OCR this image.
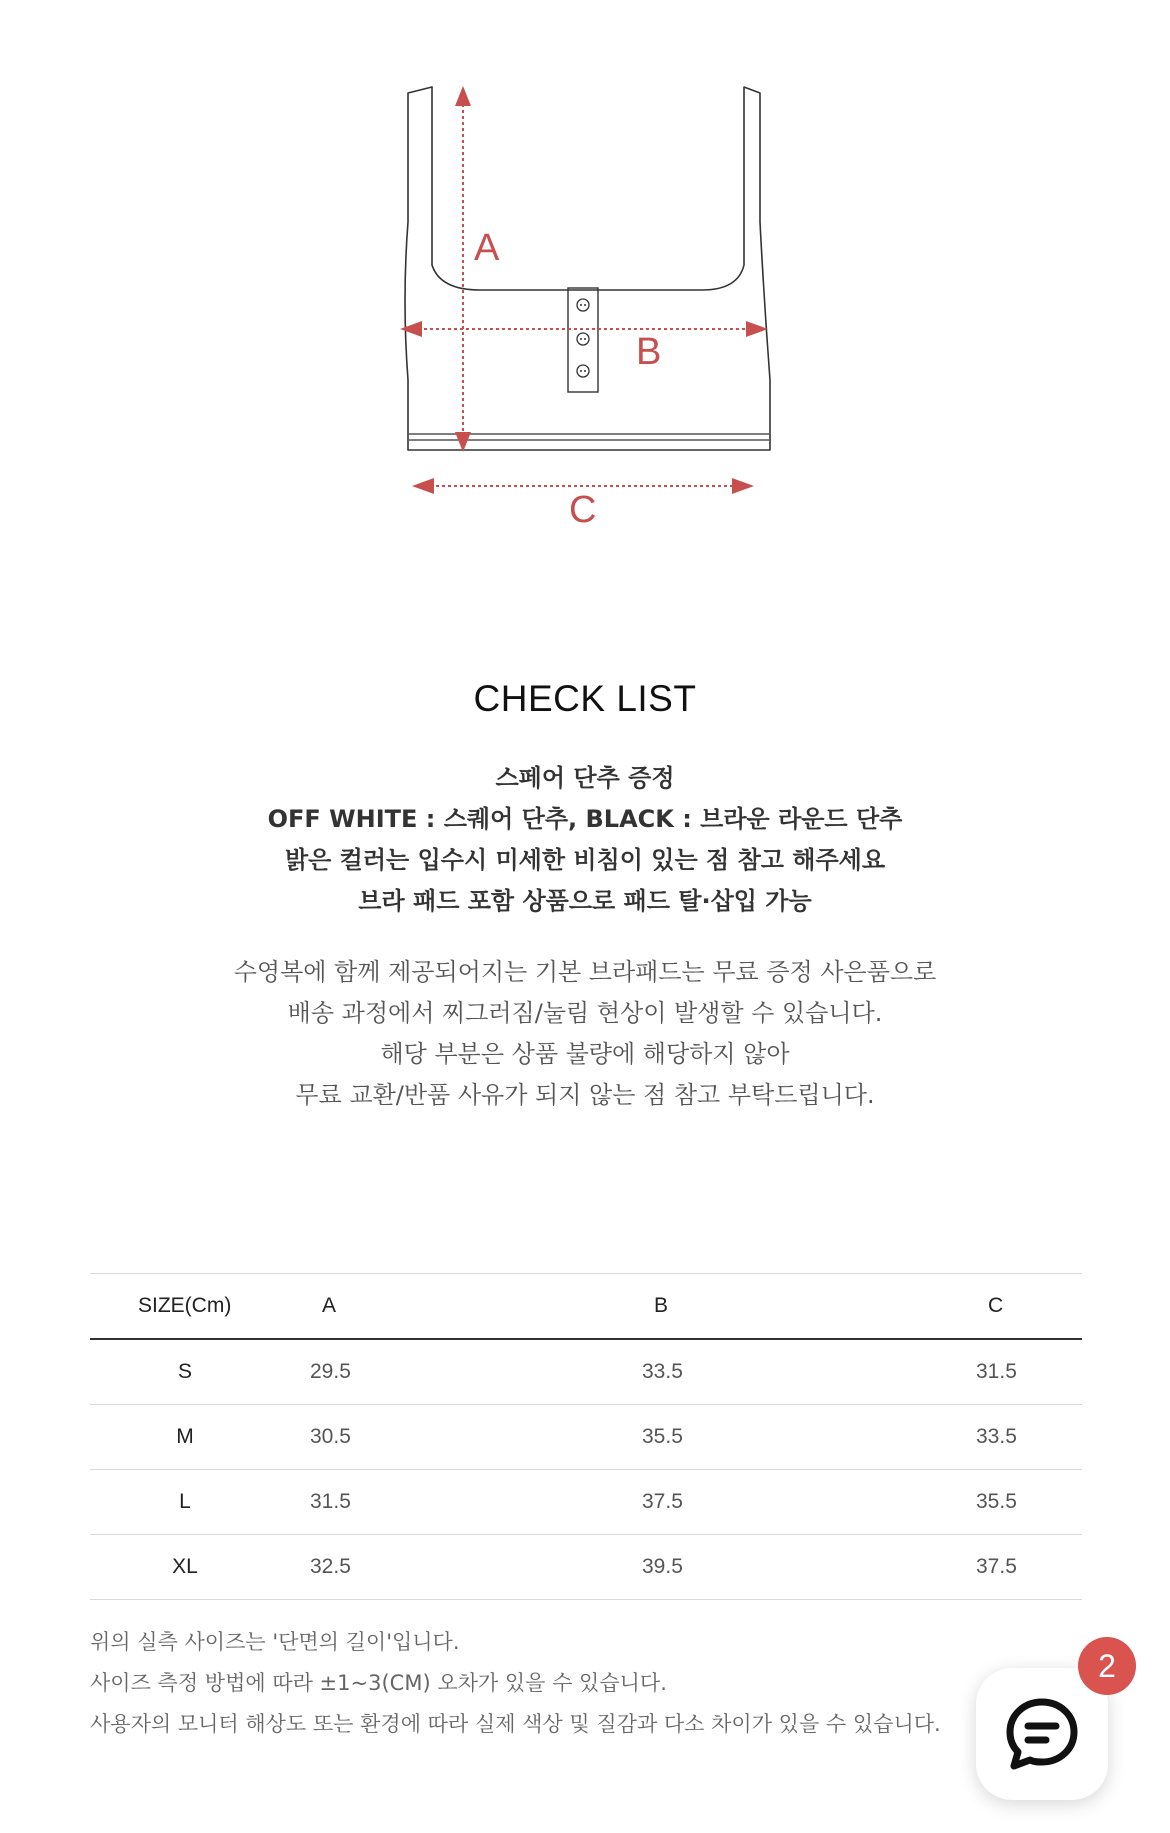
A
B
C
CHECK LIST
스페어 단추 증정
OFF WHITE : 스퀘어 단추, BLACK : 브라운 라운드 단추
밝은 컬러는 입수시 미세한 비침이 있는 점 참고 해주세요
브라 패드 포함 상품으로 패드 탈·삽입 가능
수영복에 함께 제공되어지는 기본 브라패드는 무료 증정 사은품으로
배송 과정에서 찌그러짐/눌림 현상이 발생할 수 있습니다.
해당 부분은 상품 불량에 해당하지 않아
무료 교환/반품 사유가 되지 않는 점 참고 부탁드립니다.
SIZE(Cm)	A	B	C
S	29.5	33.5	31.5
M	30.5	35.5	33.5
L	31.5	37.5	35.5
XL	32.5	39.5	37.5
위의 실측 사이즈는 '단면의 길이'입니다.
사이즈 측정 방법에 따라 ±1~3(CM) 오차가 있을 수 있습니다.
사용자의 모니터 해상도 또는 환경에 따라 실제 색상 및 질감과 다소 차이가 있을 수 있습니다.
2
